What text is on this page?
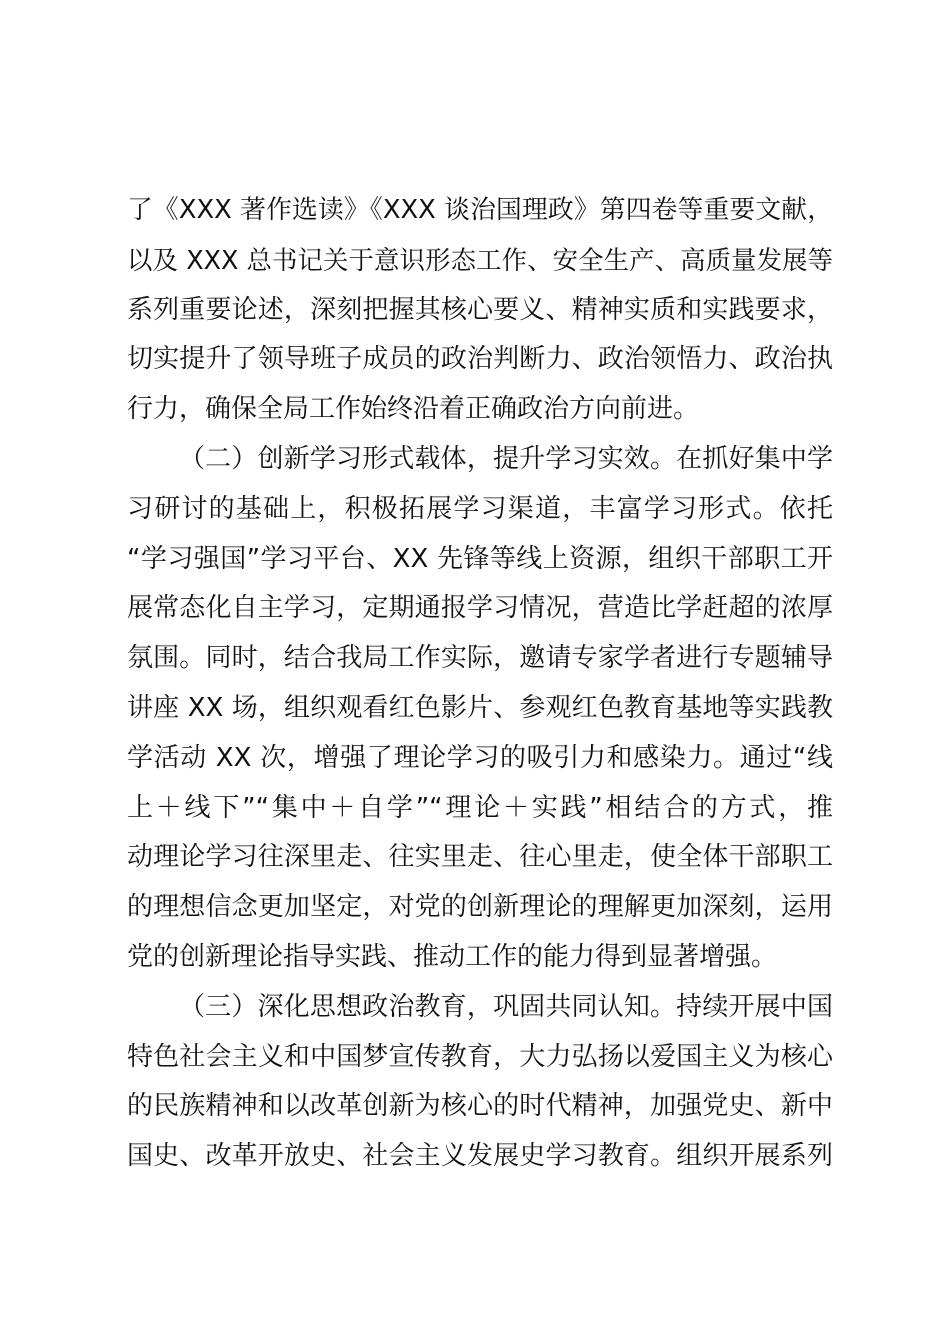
了《XXX 著作选读》《XXX 谈治国理政》第四卷等重要文献，
以及 XXX 总书记关于意识形态工作、安全生产、高质量发展等
系列重要论述，深刻把握其核心要义、精神实质和实践要求，
切实提升了领导班子成员的政治判断力、政治领悟力、政治执
行力，确保全局工作始终沿着正确政治方向前进。
（二）创新学习形式载体，提升学习实效。在抓好集中学
习研讨的基础上，积极拓展学习渠道，丰富学习形式。依托
“学习强国”学习平台、XX 先锋等线上资源，组织干部职工开
展常态化自主学习，定期通报学习情况，营造比学赶超的浓厚
氛围。同时，结合我局工作实际，邀请专家学者进行专题辅导
讲座 XX 场，组织观看红色影片、参观红色教育基地等实践教
学活动 XX 次，增强了理论学习的吸引力和感染力。通过“线
上＋线下”“集中＋自学”“理论＋实践”相结合的方式，推
动理论学习往深里走、往实里走、往心里走，使全体干部职工
的理想信念更加坚定，对党的创新理论的理解更加深刻，运用
党的创新理论指导实践、推动工作的能力得到显著增强。
（三）深化思想政治教育，巩固共同认知。持续开展中国
特色社会主义和中国梦宣传教育，大力弘扬以爱国主义为核心
的民族精神和以改革创新为核心的时代精神，加强党史、新中
国史、改革开放史、社会主义发展史学习教育。组织开展系列
